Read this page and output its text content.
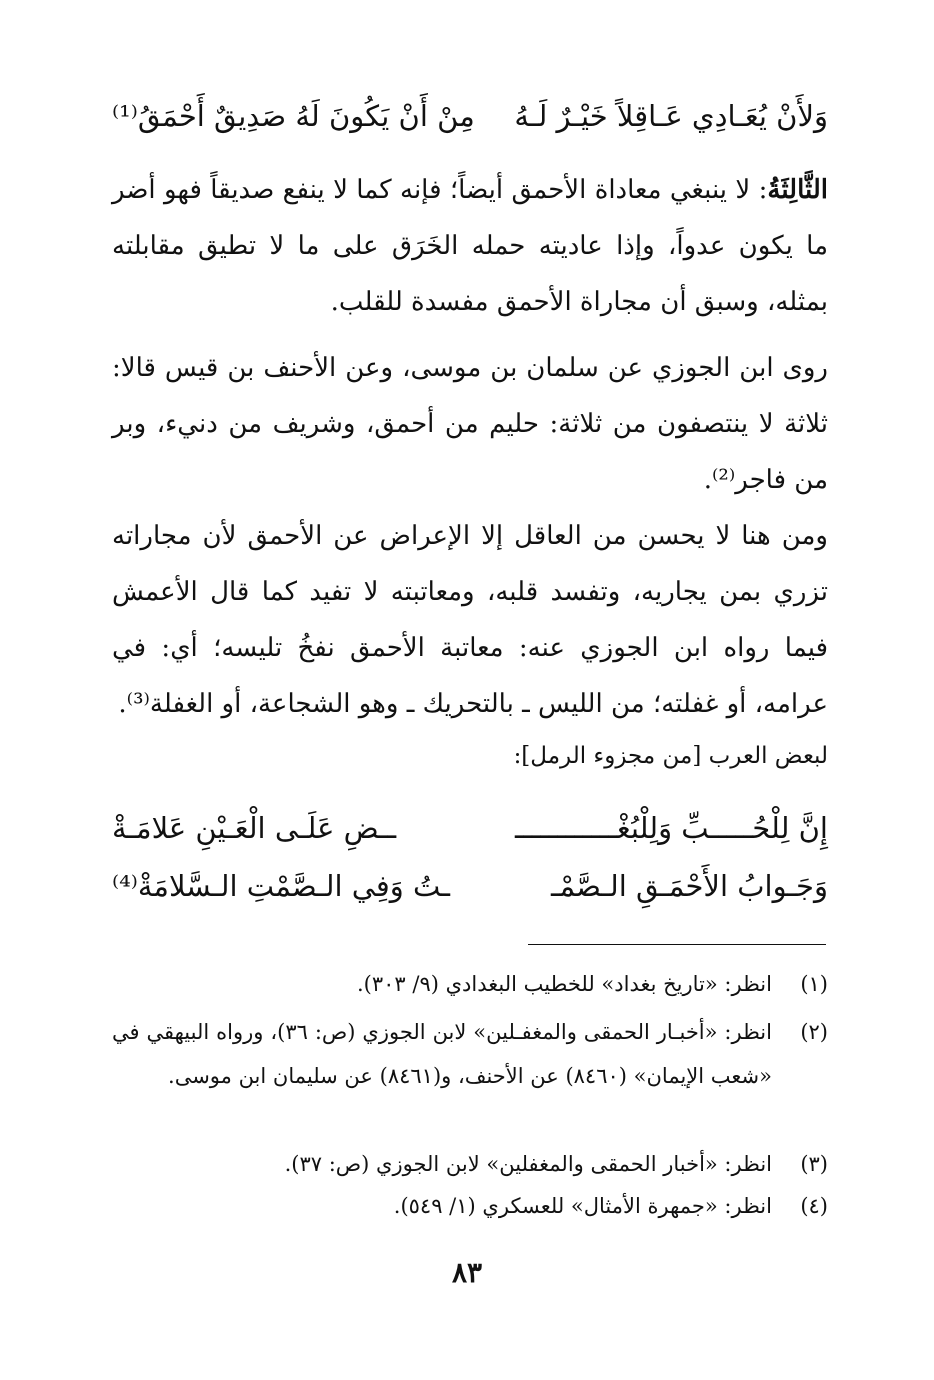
وَلأَنْ يُعَـادِي عَـاقِلاً خَيْـرٌ لَـهُ
مِنْ أَنْ يَكُونَ لَهُ صَدِيقٌ أَحْمَقُ⁽¹⁾
الثَّالِثَةُ: لا ينبغي معاداة الأحمق أيضاً؛ فإنه كما لا ينفع صديقاً فهو أضر ما يكون عدواً، وإذا عاديته حمله الخَرَق على ما لا تطيق مقابلته بمثله، وسبق أن مجاراة الأحمق مفسدة للقلب.
روى ابن الجوزي عن سلمان بن موسى، وعن الأحنف بن قيس قالا: ثلاثة لا ينتصفون من ثلاثة: حليم من أحمق، وشريف من دنيء، وبر من فاجر⁽²⁾.
ومن هنا لا يحسن من العاقل إلا الإعراض عن الأحمق لأن مجاراته تزري بمن يجاريه، وتفسد قلبه، ومعاتبته لا تفيد كما قال الأعمش فيما رواه ابن الجوزي عنه: معاتبة الأحمق نفخُ تليسه؛ أي: في عرامه، أو غفلته؛ من الليس ـ بالتحريك ـ وهو الشجاعة، أو الغفلة⁽³⁾.
لبعض العرب [من مجزوء الرمل]:
إِنَّ لِلْحُـــــبِّ وَلِلْبُغْــــــــــــ
ــضِ عَلَـى الْعَـيْنِ عَلامَـةْ
وَجَـوابُ الأَحْمَـقِ الـصَّمْـ
ـتُ وَفِي الـصَّمْتِ الـسَّلامَةْ⁽⁴⁾
(١)
انظر: «تاريخ بغداد» للخطيب البغدادي (٩/ ٣٠٣).
(٢)
انظر: «أخبـار الحمقى والمغفـلين» لابن الجوزي (ص: ٣٦)، ورواه البيهقي في «شعب الإيمان» (٨٤٦٠) عن الأحنف، و(٨٤٦١) عن سليمان ابن موسى.
(٣)
انظر: «أخبار الحمقى والمغفلين» لابن الجوزي (ص: ٣٧).
(٤)
انظر: «جمهرة الأمثال» للعسكري (١/ ٥٤٩).
٨٣
